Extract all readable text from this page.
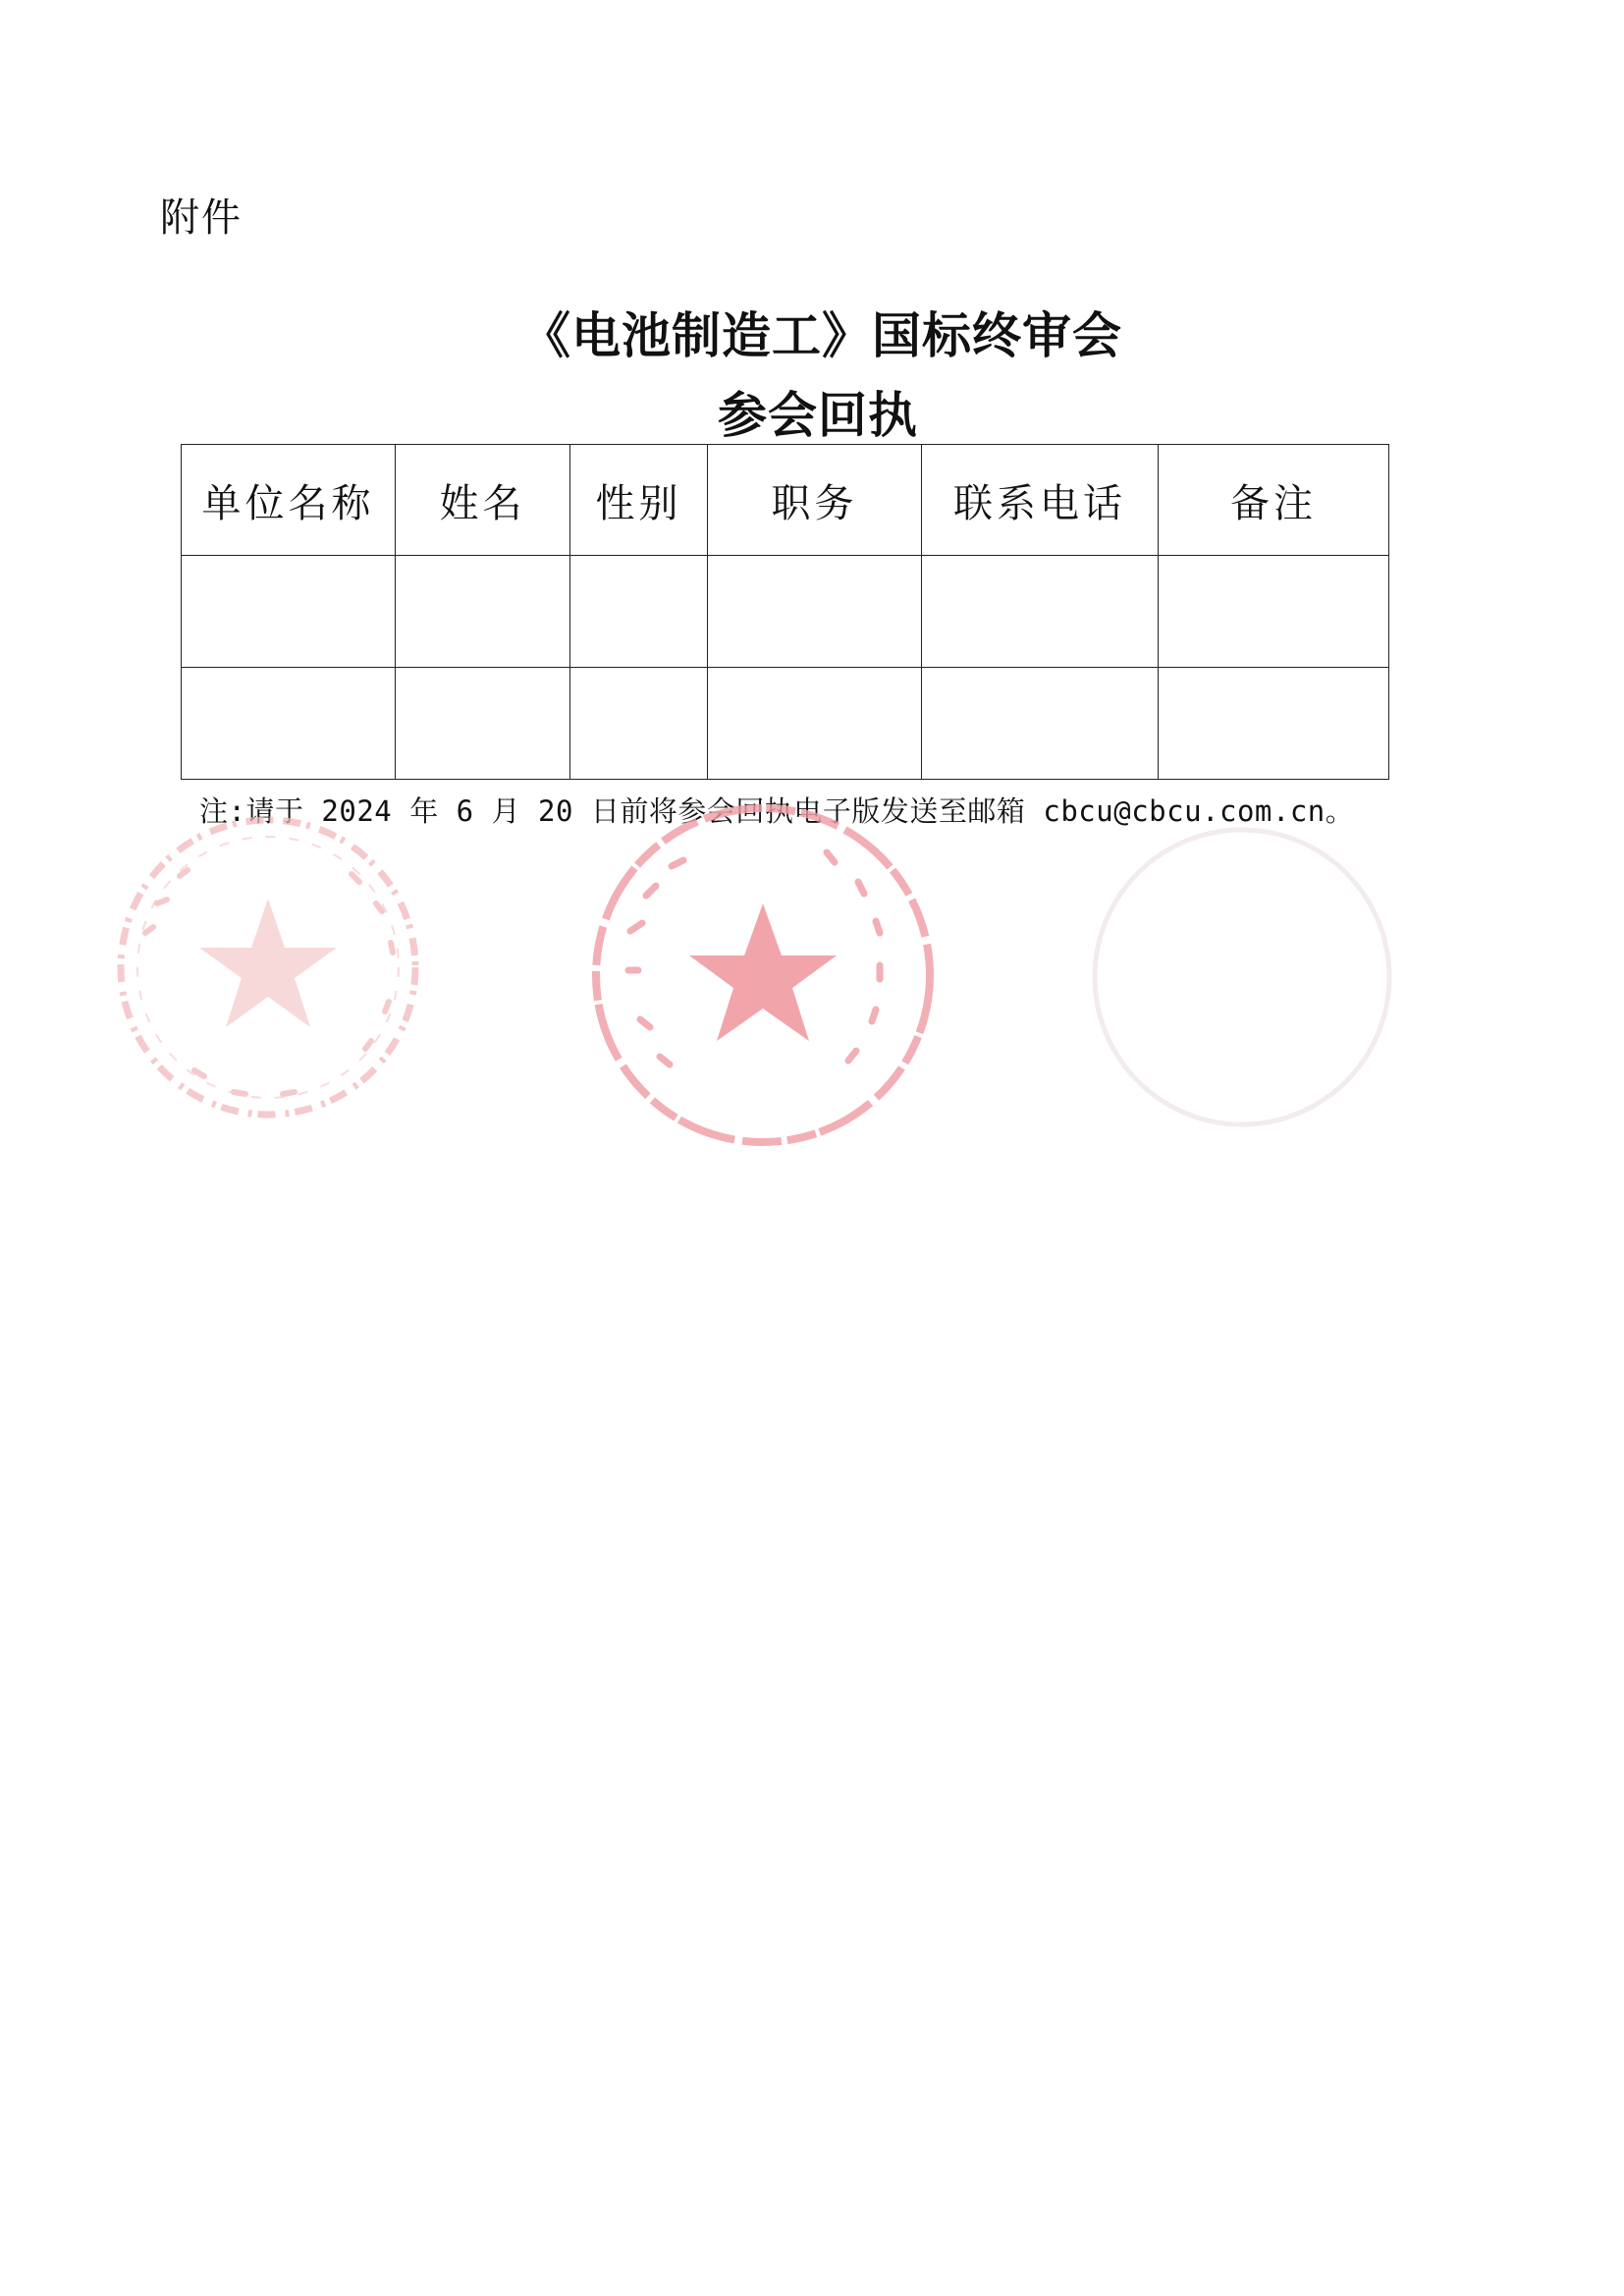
附件
《电池制造工》国标终审会
参会回执
单位名称	姓名	性别	职务	联系电话	备注

注:请于 2024 年 6 月 20 日前将参会回执电子版发送至邮箱 cbcu@cbcu.com.cn。
